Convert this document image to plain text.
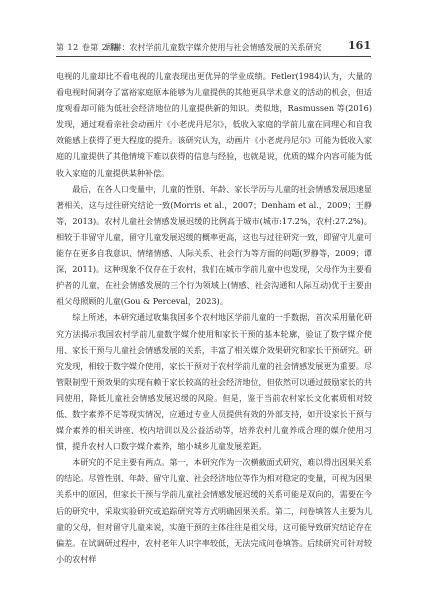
第 12 卷第 2 期
顾赫：农村学前儿童数字媒介使用与社会情感发展的关系研究	161

电视的儿童却比不看电视的儿童表现出更优异的学业成绩。Fetler(1984)认为，大量的看电视时间剥夺了富裕家庭原本能够为儿童提供的其他更具学术意义的活动的机会，但适度观看却可能为低社会经济地位的儿童提供新的知识。类似地，Rasmussen 等(2016)发现，通过观看亲社会动画片《小老虎丹尼尔》，低收入家庭的学前儿童在同理心和自我效能感上获得了更大程度的提升。该研究认为，动画片《小老虎丹尼尔》可能为低收入家庭的儿童提供了其他情境下难以获得的信息与经验，也就是说，优质的媒介内容可能为低收入家庭的儿童提供某种补偿。

最后，在各人口变量中，儿童的性别、年龄、家长学历与儿童的社会情感发展迅速显著相关，这与过往研究结论一致(Morris et al.，2007；Denham et al.，2009；王静等，2013)。农村儿童社会情感发展迟缓的比例高于城市(城市:17.2%，农村:27.2%)。相较于非留守儿童，留守儿童发展迟缓的概率更高，这也与过往研究一致，即留守儿童可能存在更多自我意识、情绪情感、人际关系、社会行为等方面的问题(罗静等，2009；谭深，2011)。这种现象不仅存在于农村，我们在城市学前儿童中也发现，父母作为主要看护者的儿童，在社会情感发展的三个行为领域上(情感、社会沟通和人际互动)优于主要由祖父母照顾的儿童(Gou & Perceval，2023)。

综上所述，本研究通过收集我国多个农村地区学前儿童的一手数据，首次采用量化研究方法揭示我国农村学前儿童数字媒介使用和家长干预的基本轮廓，验证了数字媒介使用、家长干预与儿童社会情感发展的关系，丰富了相关媒介效果研究和家长干预研究。研究发现，相较于数字媒介使用，家长干预对于农村学前儿童的社会情感发展更为重要。尽管限制型干预效果的实现有赖于家长较高的社会经济地位，但依然可以通过鼓励家长的共同使用，降低儿童社会情感发展迟缓的风险。但是，鉴于当前农村家长文化素质相对较低、数字素养不足等现实情况，应通过专业人员提供有效的外部支持，如开设家长干预与媒介素养的相关讲座、校内培训以及公益活动等，培养农村儿童养成合理的媒介使用习惯，提升农村人口数字媒介素养，缩小城乡儿童发展差距。

本研究的不足主要有两点。第一，本研究作为一次横截面式研究，难以得出因果关系的结论。尽管性别、年龄、留守儿童、社会经济地位等作为相对稳定的变量，可视为因果关系中的原因，但家长干预与学前儿童社会情感发展迟缓的关系可能是双向的，需要在今后的研究中，采取实验研究或追踪研究等方式明确因果关系。第二，问卷填答人主要为儿童的父母，但对留守儿童来说，实施干预的主体往往是祖父母，这可能导致研究结论存在偏差。在试调研过程中，农村老年人识字率较低，无法完成问卷填答。后续研究可针对较小的农村样
